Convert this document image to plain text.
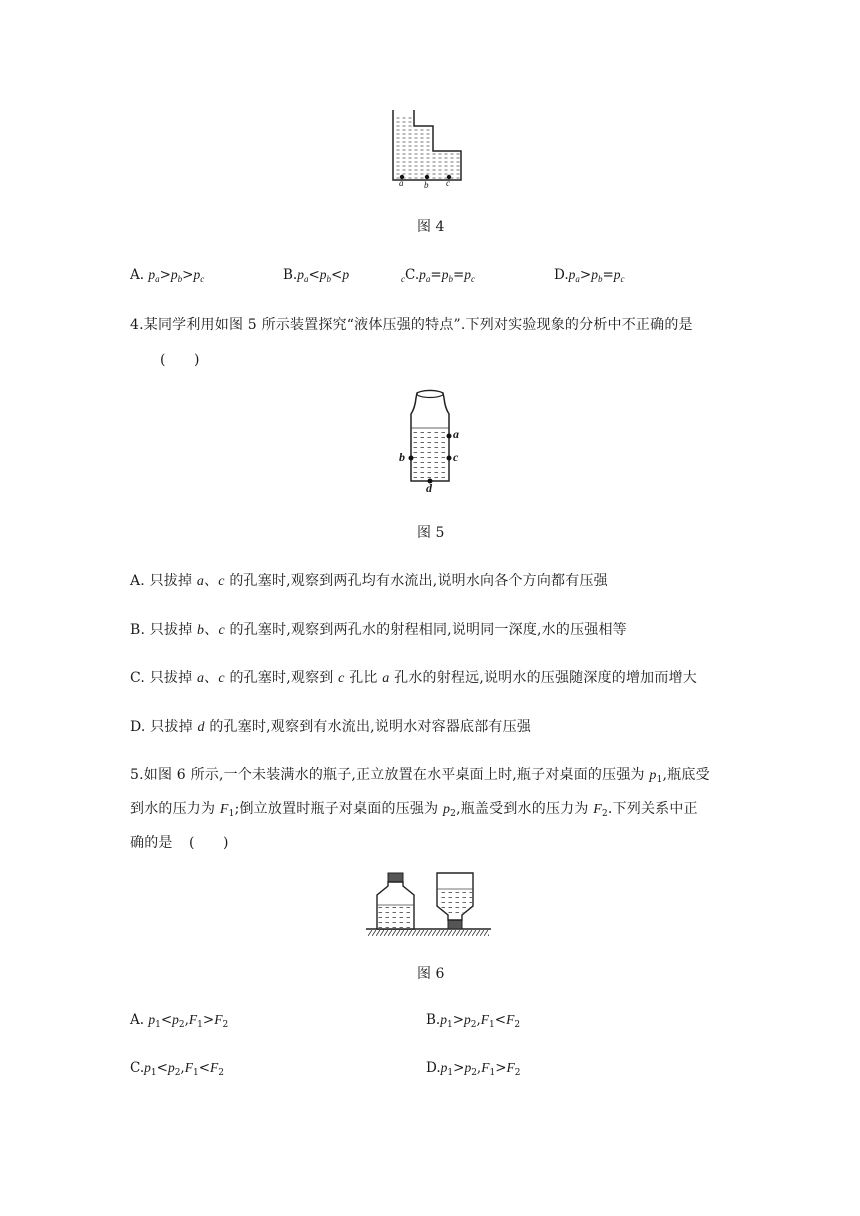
a b c
图 4
A. $p_a>p_b>p_c$	$B.p_a<p_b<p$	$_cC.p_a=p_b=p_c$	$D.p_a>p_b=p_c$
4.某同学利用如图 5 所示装置探究“液体压强的特点”.下列对实验现象的分析中不正确的是
(　　)
a
b	c
d
图 5
A. 只拔掉 a、c 的孔塞时,观察到两孔均有水流出,说明水向各个方向都有压强
B. 只拔掉 b、c 的孔塞时,观察到两孔水的射程相同,说明同一深度,水的压强相等
C. 只拔掉 a、c 的孔塞时,观察到 c 孔比 a 孔水的射程远,说明水的压强随深度的增加而增大
D. 只拔掉 d 的孔塞时,观察到有水流出,说明水对容器底部有压强
5.如图 6 所示,一个未装满水的瓶子,正立放置在水平桌面上时,瓶子对桌面的压强为 $p_1$,瓶底受
到水的压力为 $F_1$;倒立放置时瓶子对桌面的压强为 $p_2$,瓶盖受到水的压力为 $F_2$.下列关系中正
确的是 (　　)
图 6
A. $p_1<p_2,F_1>F_2$	$B.p_1>p_2,F_1<F_2$
$C.p_1<p_2,F_1<F_2$	$D.p_1>p_2,F_1>F_2$
